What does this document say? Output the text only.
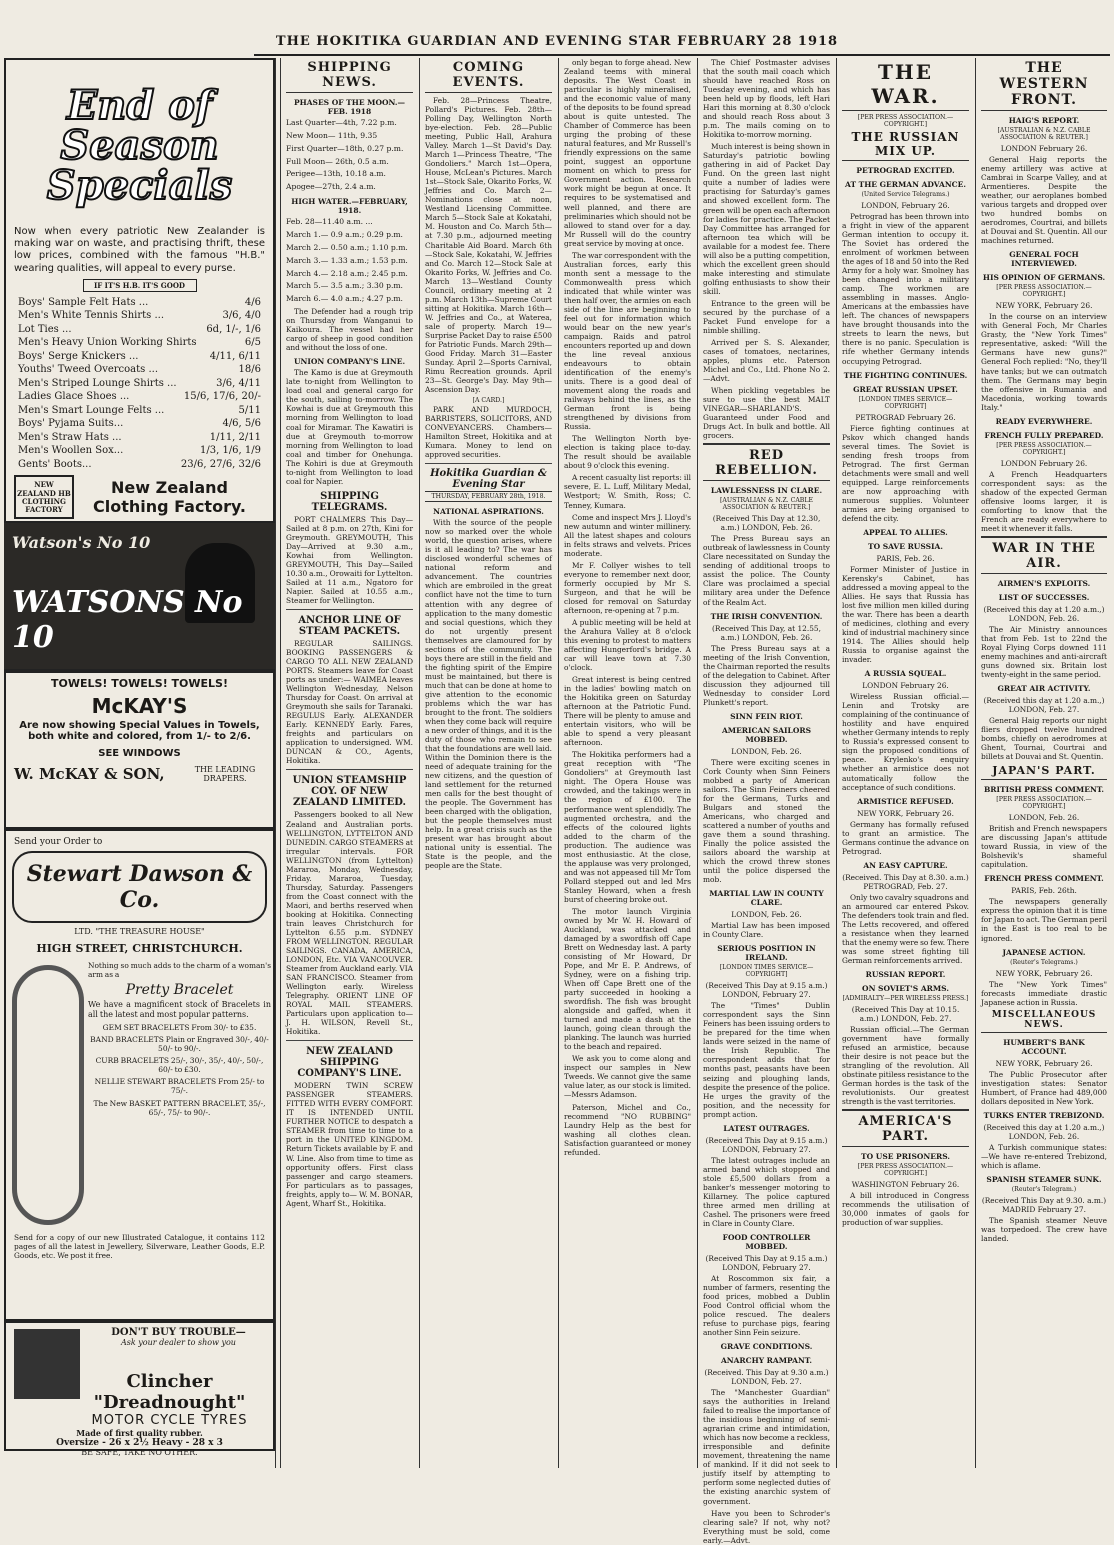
THE HOKITIKA GUARDIAN AND EVENING STAR FEBRUARY 28 1918
End of Season Specials
Now when every patriotic New Zealander is making war on waste, and practising thrift, these low prices, combined with the famous "H.B." wearing qualities, will appeal to every purse.
IF IT'S H.B. IT'S GOOD
Boys' Sample Felt Hats ...	4/6
Men's White Tennis Shirts ...	3/6, 4/0
Lot Ties ...	6d, 1/-, 1/6
Men's Heavy Union Working Shirts	6/5
Boys' Serge Knickers ...	4/11, 6/11
Youths' Tweed Overcoats ...	18/6
Men's Striped Lounge Shirts ...	3/6, 4/11
Ladies Glace Shoes ...	15/6, 17/6, 20/-
Men's Smart Lounge Felts ...	5/11
Boys' Pyjama Suits...	4/6, 5/6
Men's Straw Hats ...	1/11, 2/11
Men's Woollen Sox...	1/3, 1/6, 1/9
Gents' Boots...	23/6, 27/6, 32/6
NEW ZEALAND HB CLOTHING FACTORY
New Zealand Clothing Factory.
Watson's No 10
WATSONS No 10
TOWELS! TOWELS! TOWELS!
McKAY'S
Are now showing Special Values in Towels, both white and colored, from 1/- to 2/6.
SEE WINDOWS
W. McKAY & SON,	THE LEADING DRAPERS.
Send your Order to
Stewart Dawson & Co.
LTD. "THE TREASURE HOUSE"
HIGH STREET, CHRISTCHURCH.
Nothing so much adds to the charm of a woman's arm as a
Pretty Bracelet
We have a magnificent stock of Bracelets in all the latest and most popular patterns.
GEM SET BRACELETS From 30/- to £35.
BAND BRACELETS Plain or Engraved 30/-, 40/- 50/- to 90/-.
CURB BRACELETS 25/-, 30/-, 35/-, 40/-, 50/-, 60/- to £30.
NELLIE STEWART BRACELETS From 25/- to 75/-.
The New BASKET PATTERN BRACELET, 35/-, 65/-, 75/- to 90/-.
Send for a copy of our new Illustrated Catalogue, it contains 112 pages of all the latest in Jewellery, Silverware, Leather Goods, E.P. Goods, etc. We post it free.
DON'T BUY TROUBLE—
Ask your dealer to show you
Clincher "Dreadnought"
MOTOR CYCLE TYRES
Made of first quality rubber.
Oversize - 26 x 2½ Heavy - 28 x 3
BE SAFE, TAKE NO OTHER.
SHIPPING NEWS.
PHASES OF THE MOON.—FEB. 1918
Last Quarter—4th, 7.22 p.m.
New Moon— 11th, 9.35
First Quarter—18th, 0.27 p.m.
Full Moon— 26th, 0.5 a.m.
Perigee—13th, 10.18 a.m.
Apogee—27th, 2.4 a.m.
HIGH WATER.—FEBRUARY, 1918.
Feb. 28—11.40 a.m. ...
March 1.— 0.9 a.m.; 0.29 p.m.
March 2.— 0.50 a.m.; 1.10 p.m.
March 3.— 1.33 a.m.; 1.53 p.m.
March 4.— 2.18 a.m.; 2.45 p.m.
March 5.— 3.5 a.m.; 3.30 p.m.
March 6.— 4.0 a.m.; 4.27 p.m.
The Defender had a rough trip on Thursday from Wanganui to Kaikoura. The vessel had her cargo of sheep in good condition and without the loss of one.
UNION COMPANY'S LINE.
The Kamo is due at Greymouth late to-night from Wellington to load coal and general cargo for the south, sailing to-morrow. The Kowhai is due at Greymouth this morning from Wellington to load coal for Miramar. The Kawatiri is due at Greymouth to-morrow morning from Wellington to load coal and timber for Onehunga. The Kohiri is due at Greymouth to-night from Wellington to load coal for Napier.
SHIPPING TELEGRAMS.
PORT CHALMERS This Day—Sailed at 8 p.m. on 27th, Kini for Greymouth. GREYMOUTH, This Day—Arrived at 9.30 a.m., Kowhai from Wellington. GREYMOUTH, This Day—Sailed 10.30 a.m., Orowaiti for Lyttelton. Sailed at 11 a.m., Ngatoro for Napier. Sailed at 10.55 a.m., Steamer for Wellington.
ANCHOR LINE OF STEAM PACKETS.
REGULAR SAILINGS. BOOKING PASSENGERS & CARGO TO ALL NEW ZEALAND PORTS. Steamers leave for Coast ports as under:— WAIMEA leaves Wellington Wednesday, Nelson Thursday for Coast. On arrival at Greymouth she sails for Taranaki. REGULUS Early. ALEXANDER Early. KENNEDY Early. Fares, freights and particulars on application to undersigned. WM. DUNCAN & CO., Agents, Hokitika.
UNION STEAMSHIP COY. OF NEW ZEALAND LIMITED.
Passengers booked to all New Zealand and Australian ports. WELLINGTON, LYTTELTON AND DUNEDIN. CARGO STEAMERS at irregular intervals. FOR WELLINGTON (from Lyttelton) Mararoa, Monday, Wednesday, Friday. Mararoa, Tuesday, Thursday, Saturday. Passengers from the Coast connect with the Maori, and berths reserved when booking at Hokitika. Connecting train leaves Christchurch for Lyttelton 6.55 p.m. SYDNEY FROM WELLINGTON. REGULAR SAILINGS. CANADA, AMERICA, LONDON, Etc. VIA VANCOUVER. Steamer from Auckland early. VIA SAN FRANCISCO. Steamer from Wellington early. Wireless Telegraphy. ORIENT LINE OF ROYAL MAIL STEAMERS. Particulars upon application to— J. H. WILSON, Revell St., Hokitika.
NEW ZEALAND SHIPPING COMPANY'S LINE.
MODERN TWIN SCREW PASSENGER STEAMERS. FITTED WITH EVERY COMFORT. IT IS INTENDED UNTIL FURTHER NOTICE to despatch a STEAMER from time to time to a port in the UNITED KINGDOM. Return Tickets available by F. and W. Line. Also from time to time as opportunity offers. First class passenger and cargo steamers. For particulars as to passages, freights, apply to— W. M. BONAR, Agent, Wharf St., Hokitika.
COMING EVENTS.
Feb. 28—Princess Theatre, Pollard's Pictures. Feb. 28th—Polling Day, Wellington North bye-election. Feb. 28—Public meeting, Public Hall, Arahura Valley. March 1—St David's Day. March 1—Princess Theatre, "The Gondoliers." March 1st—Opera, House, McLean's Pictures. March 1st—Stock Sale, Okarito Forks, W. Jeffries and Co. March 2—Nominations close at noon, Westland Licensing Committee. March 5—Stock Sale at Kokatahi, M. Houston and Co. March 5th—at 7.30 p.m., adjourned meeting Charitable Aid Board. March 6th—Stock Sale, Kokatahi, W. Jeffries and Co. March 12—Stock Sale at Okarito Forks, W. Jeffries and Co. March 13—Westland County Council, ordinary meeting at 2 p.m. March 13th—Supreme Court sitting at Hokitika. March 16th—W. Jeffries and Co., at Waterea, sale of property. March 19—Surprise Packet Day to raise £500 for Patriotic Funds. March 29th—Good Friday. March 31—Easter Sunday. April 2—Sports Carnival, Rimu Recreation grounds. April 23—St. George's Day. May 9th—Ascension Day.
[A CARD.]
PARK AND MURDOCH, BARRISTERS, SOLICITORS, AND CONVEYANCERS. Chambers—Hamilton Street, Hokitika and at Kumara. Money to lend on approved securities.
Hokitika Guardian & Evening Star
THURSDAY, FEBRUARY 28th, 1918.
NATIONAL ASPIRATIONS.
With the source of the people now so marked over the whole world, the question arises, where is it all leading to? The war has disclosed wonderful schemes of national reform and advancement. The countries which are embroiled in the great conflict have not the time to turn attention with any degree of application to the many domestic and social questions, which they do not urgently present themselves are clamoured for by sections of the community. The boys there are still in the field and the fighting spirit of the Empire must be maintained, but there is much that can be done at home to give attention to the economic problems which the war has brought to the front. The soldiers when they come back will require a new order of things, and it is the duty of those who remain to see that the foundations are well laid. Within the Dominion there is the need of adequate training for the new citizens, and the question of land settlement for the returned men calls for the best thought of the people. The Government has been charged with the obligation, but the people themselves must help. In a great crisis such as the present war has brought about national unity is essential. The State is the people, and the people are the State.
only began to forge ahead. New Zealand teems with mineral deposits. The West Coast in particular is highly mineralised, and the economic value of many of the deposits to be found spread about is quite untested. The Chamber of Commerce has been urging the probing of these natural features, and Mr Russell's friendly expressions on the same point, suggest an opportune moment on which to press for Government action. Research work might be begun at once. It requires to be systematised and well planned, and there are preliminaries which should not be allowed to stand over for a day. Mr Russell will do the country great service by moving at once.
The war correspondent with the Australian forces, early this month sent a message to the Commonwealth press which indicated that while winter was then half over, the armies on each side of the line are beginning to feel out for information which would bear on the new year's campaign. Raids and patrol encounters reported up and down the line reveal anxious endeavours to obtain identification of the enemy's units. There is a good deal of movement along the roads and railways behind the lines, as the German front is being strengthened by divisions from Russia.
The Wellington North bye-election is taking place to-day. The result should be available about 9 o'clock this evening.
A recent casualty list reports: ill severe, E. L. Luff, Military Medal, Westport; W. Smith, Ross; C. Tenney, Kumara.
Come and inspect Mrs J. Lloyd's new autumn and winter millinery. All the latest shapes and colours in felts straws and velvets. Prices moderate.
Mr F. Collyer wishes to tell everyone to remember next door, formerly occupied by Mr S. Surgeon, and that he will be closed for removal on Saturday afternoon, re-opening at 7 p.m.
A public meeting will be held at the Arahura Valley at 8 o'clock this evening to protest to matters affecting Hungerford's bridge. A car will leave town at 7.30 o'clock.
Great interest is being centred in the ladies' bowling match on the Hokitika green on Saturday afternoon at the Patriotic Fund. There will be plenty to amuse and entertain visitors, who will be able to spend a very pleasant afternoon.
The Hokitika performers had a great reception with "The Gondoliers" at Greymouth last night. The Opera House was crowded, and the takings were in the region of £100. The performance went splendidly. The augmented orchestra, and the effects of the coloured lights added to the charm of the production. The audience was most enthusiastic. At the close, the applause was very prolonged, and was not appeased till Mr Tom Pollard stepped out and led Mrs Stanley Howard, when a fresh burst of cheering broke out.
The motor launch Virginia owned by Mr W. H. Howard of Auckland, was attacked and damaged by a swordfish off Cape Brett on Wednesday last. A party consisting of Mr Howard, Dr Pope, and Mr E. P. Andrews, of Sydney, were on a fishing trip. When off Cape Brett one of the party succeeded in hooking a swordfish. The fish was brought alongside and gaffed, when it turned and made a dash at the launch, going clean through the planking. The launch was hurried to the beach and repaired.
We ask you to come along and inspect our samples in New Tweeds. We cannot give the same value later, as our stock is limited.—Messrs Adamson.
Paterson, Michel and Co., recommend "NO RUBBING" Laundry Help as the best for washing all clothes clean. Satisfaction guaranteed or money refunded.
The Chief Postmaster advises that the south mail coach which should have reached Ross on Tuesday evening, and which has been held up by floods, left Hari Hari this morning at 8.30 o'clock and should reach Ross about 3 p.m. The mails coming on to Hokitika to-morrow morning.
Much interest is being shown in Saturday's patriotic bowling gathering in aid of Packet Day Fund. On the green last night quite a number of ladies were practising for Saturday's games and showed excellent form. The green will be open each afternoon for ladies for practice. The Packet Day Committee has arranged for afternoon tea which will be available for a modest fee. There will also be a putting competition, which the excellent green should make interesting and stimulate golfing enthusiasts to show their skill.
Entrance to the green will be secured by the purchase of a Packet Fund envelope for a nimble shilling.
Arrived per S. S. Alexander, cases of tomatoes, nectarines, apples, plums etc. Paterson Michel and Co., Ltd. Phone No 2.—Advt.
When pickling vegetables be sure to use the best MALT VINEGAR—SHARLAND'S. Guaranteed under Food and Drugs Act. In bulk and bottle. All grocers.
RED REBELLION.
LAWLESSNESS IN CLARE.
[AUSTRALIAN & N.Z. CABLE ASSOCIATION & REUTER.]
(Received This Day at 12.30, a.m.) LONDON, Feb. 26.
The Press Bureau says an outbreak of lawlessness in County Clare necessitated on Sunday the sending of additional troops to assist the police. The County Clare was proclaimed a special military area under the Defence of the Realm Act.
THE IRISH CONVENTION.
(Received This Day, at 12.55, a.m.) LONDON, Feb. 26.
The Press Bureau says at a meeting of the Irish Convention, the Chairman reported the results of the delegation to Cabinet. After discussion they adjourned till Wednesday to consider Lord Plunkett's report.
SINN FEIN RIOT.
AMERICAN SAILORS MOBBED.
LONDON, Feb. 26.
There were exciting scenes in Cork County when Sinn Feiners mobbed a party of American sailors. The Sinn Feiners cheered for the Germans, Turks and Bulgars and stoned the Americans, who charged and scattered a number of youths and gave them a sound thrashing. Finally the police assisted the sailors aboard the warship at which the crowd threw stones until the police dispersed the mob.
MARTIAL LAW IN COUNTY CLARE.
LONDON, Feb. 26.
Martial Law has been imposed in County Clare.
SERIOUS POSITION IN IRELAND.
[LONDON TIMES SERVICE—COPYRIGHT]
(Received This Day at 9.15 a.m.) LONDON, February 27.
The "Times" Dublin correspondent says the Sinn Feiners has been issuing orders to be prepared for the time when lands were seized in the name of the Irish Republic. The correspondent adds that for months past, peasants have been seizing and ploughing lands, despite the presence of the police. He urges the gravity of the position, and the necessity for prompt action.
LATEST OUTRAGES.
(Received This Day at 9.15 a.m.) LONDON, February 27.
The latest outrages include an armed band which stopped and stole £5,500 dollars from a banker's messenger motoring to Killarney. The police captured three armed men drilling at Cashel. The prisoners were freed in Clare in County Clare.
FOOD CONTROLLER MOBBED.
(Received This Day at 9.15 a.m.) LONDON, February 27.
At Roscommon six fair, a number of farmers, resenting the food prices, mobbed a Dublin Food Control official whom the police rescued. The dealers refuse to purchase pigs, fearing another Sinn Fein seizure.
GRAVE CONDITIONS.
ANARCHY RAMPANT.
(Received. This Day at 9.30 a.m.) LONDON, Feb. 27.
The "Manchester Guardian" says the authorities in Ireland failed to realise the importance of the insidious beginning of semi-agrarian crime and intimidation, which has now become a reckless, irresponsible and definite movement, threatening the name of mankind. If it did not seek to justify itself by attempting to perform some neglected duties of the existing anarchic system of government.
Have you been to Schroder's clearing sale? If not, why not? Everything must be sold, come early.—Advt.
THE WAR.
[PER PRESS ASSOCIATION.—COPYRIGHT.]
THE RUSSIAN MIX UP.
PETROGRAD EXCITED.
AT THE GERMAN ADVANCE.
(United Service Telegrams.)
LONDON, February 26.
Petrograd has been thrown into a fright in view of the apparent German intention to occupy it. The Soviet has ordered the enrolment of workmen between the ages of 18 and 50 into the Red Army for a holy war. Smolney has been changed into a military camp. The workmen are assembling in masses. Anglo-Americans at the embassies have left. The chances of newspapers have brought thousands into the streets to learn the news, but there is no panic. Speculation is rife whether Germany intends occupying Petrograd.
THE FIGHTING CONTINUES.
GREAT RUSSIAN UPSET.
[LONDON TIMES SERVICE—COPYRIGHT]
PETROGRAD February 26.
Fierce fighting continues at Pskov which changed hands several times. The Soviet is sending fresh troops from Petrograd. The first German detachments were small and well equipped. Large reinforcements are now approaching with numerous supplies. Volunteer armies are being organised to defend the city.
APPEAL TO ALLIES.
TO SAVE RUSSIA.
PARIS, Feb. 26.
Former Minister of Justice in Kerensky's Cabinet, has addressed a moving appeal to the Allies. He says that Russia has lost five million men killed during the war. There has been a dearth of medicines, clothing and every kind of industrial machinery since 1914. The Allies should help Russia to organise against the invader.
A RUSSIA SQUEAL.
LONDON February 26.
Wireless Russian official.—Lenin and Trotsky are complaining of the continuance of hostility and have enquired whether Germany intends to reply to Russia's expressed consent to sign the proposed conditions of peace. Krylenko's enquiry whether an armistice does not automatically follow the acceptance of such conditions.
ARMISTICE REFUSED.
NEW YORK, February 26.
Germany has formally refused to grant an armistice. The Germans continue the advance on Petrograd.
AN EASY CAPTURE.
(Received. This Day at 8.30. a.m.) PETROGRAD, Feb. 27.
Only two cavalry squadrons and an armoured car entered Pskov. The defenders took train and fled. The Letts recovered, and offered a resistance when they learned that the enemy were so few. There was some street fighting till German reinforcements arrived.
RUSSIAN REPORT.
ON SOVIET'S ARMS.
[ADMIRALTY—PER WIRELESS PRESS.]
(Received This Day at 10.15. a.m.) LONDON, Feb. 27.
Russian official.—The German government have formally refused an armistice, because their desire is not peace but the strangling of the revolution. All obstinate pitiless resistance to the German hordes is the task of the revolutionists. Our greatest strength is the vast territories.
AMERICA'S PART.
TO USE PRISONERS.
[PER PRESS ASSOCIATION.—COPYRIGHT.]
WASHINGTON February 26.
A bill introduced in Congress recommends the utilisation of 30,000 inmates of gaols for production of war supplies.
THE WESTERN FRONT.
HAIG'S REPORT.
[AUSTRALIAN & N.Z. CABLE ASSOCIATION & REUTER.]
LONDON February 26.
General Haig reports the enemy artillery was active at Cambrai in Scarpe Valley, and at Armentieres. Despite the weather, our aeroplanes bombed various targets and dropped over two hundred bombs on aerodromes, Courtrai, and billets at Douvai and St. Quentin. All our machines returned.
GENERAL FOCH INTERVIEWED.
HIS OPINION OF GERMANS.
[PER PRESS ASSOCIATION.—COPYRIGHT.]
NEW YORK, February 26.
In the course on an interview with General Foch, Mr Charles Grasty, the "New York Times" representative, asked: "Will the Germans have new guns?" General Foch replied: "No, they'll have tanks; but we can outmatch them. The Germans may begin the offensive in Rumania and Macedonia, working towards Italy."
READY EVERYWHERE.
FRENCH FULLY PREPARED.
[PER PRESS ASSOCIATION.—COPYRIGHT.]
LONDON February 26.
A French Headquarters correspondent says: as the shadow of the expected German offensive looms larger, it is comforting to know that the French are ready everywhere to meet it whenever it falls.
WAR IN THE AIR.
AIRMEN'S EXPLOITS.
LIST OF SUCCESSES.
(Received this day at 1.20 a.m.,) LONDON, Feb. 26.
The Air Ministry announces that from Feb. 1st to 22nd the Royal Flying Corps downed 111 enemy machines and anti-aircraft guns downed six. Britain lost twenty-eight in the same period.
GREAT AIR ACTIVITY.
(Received this day at 1.20 a.m.,) LONDON, Feb. 27.
General Haig reports our night fliers dropped twelve hundred bombs, chiefly on aerodromes at Ghent, Tournai, Courtrai and billets at Douvai and St. Quentin.
JAPAN'S PART.
BRITISH PRESS COMMENT.
[PER PRESS ASSOCIATION.—COPYRIGHT.]
LONDON, Feb. 26.
British and French newspapers are discussing Japan's attitude toward Russia, in view of the Bolshevik's shameful capitulation.
FRENCH PRESS COMMENT.
PARIS, Feb. 26th.
The newspapers generally express the opinion that it is time for Japan to act. The German peril in the East is too real to be ignored.
JAPANESE ACTION.
(Reuter's Telegrams.)
NEW YORK, February 26.
The "New York Times" forecasts immediate drastic Japanese action in Russia.
MISCELLANEOUS NEWS.
HUMBERT'S BANK ACCOUNT.
NEW YORK, February 26.
The Public Prosecutor after investigation states: Senator Humbert, of France had 489,000 dollars deposited in New York.
TURKS ENTER TREBIZOND.
(Received this day at 1.20 a.m.,) LONDON, Feb. 26.
A Turkish communique states:—We have re-entered Trebizond, which is aflame.
SPANISH STEAMER SUNK.
(Reuter's Telegram.)
(Received This Day at 9.30. a.m.) MADRID February 27.
The Spanish steamer Neuve was torpedoed. The crew have landed.
